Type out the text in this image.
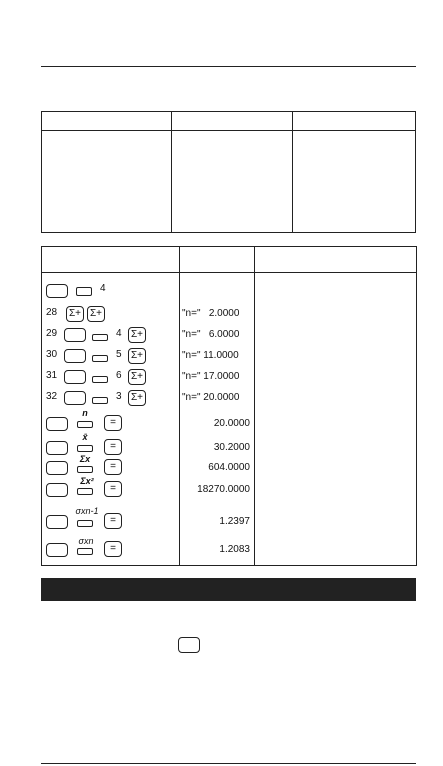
4
28 Σ+ Σ+	"n="   2.0000
29	4 Σ+	"n="   6.0000
30	5 Σ+	"n=" 11.0000
31	6 Σ+	"n=" 17.0000
32	3 Σ+	"n=" 20.0000
n
=	20.0000
x̄
=	30.2000
Σx
=	604.0000
Σx²
=	18270.0000
σxn-1
=	1.2397
σxn
=	1.2083
